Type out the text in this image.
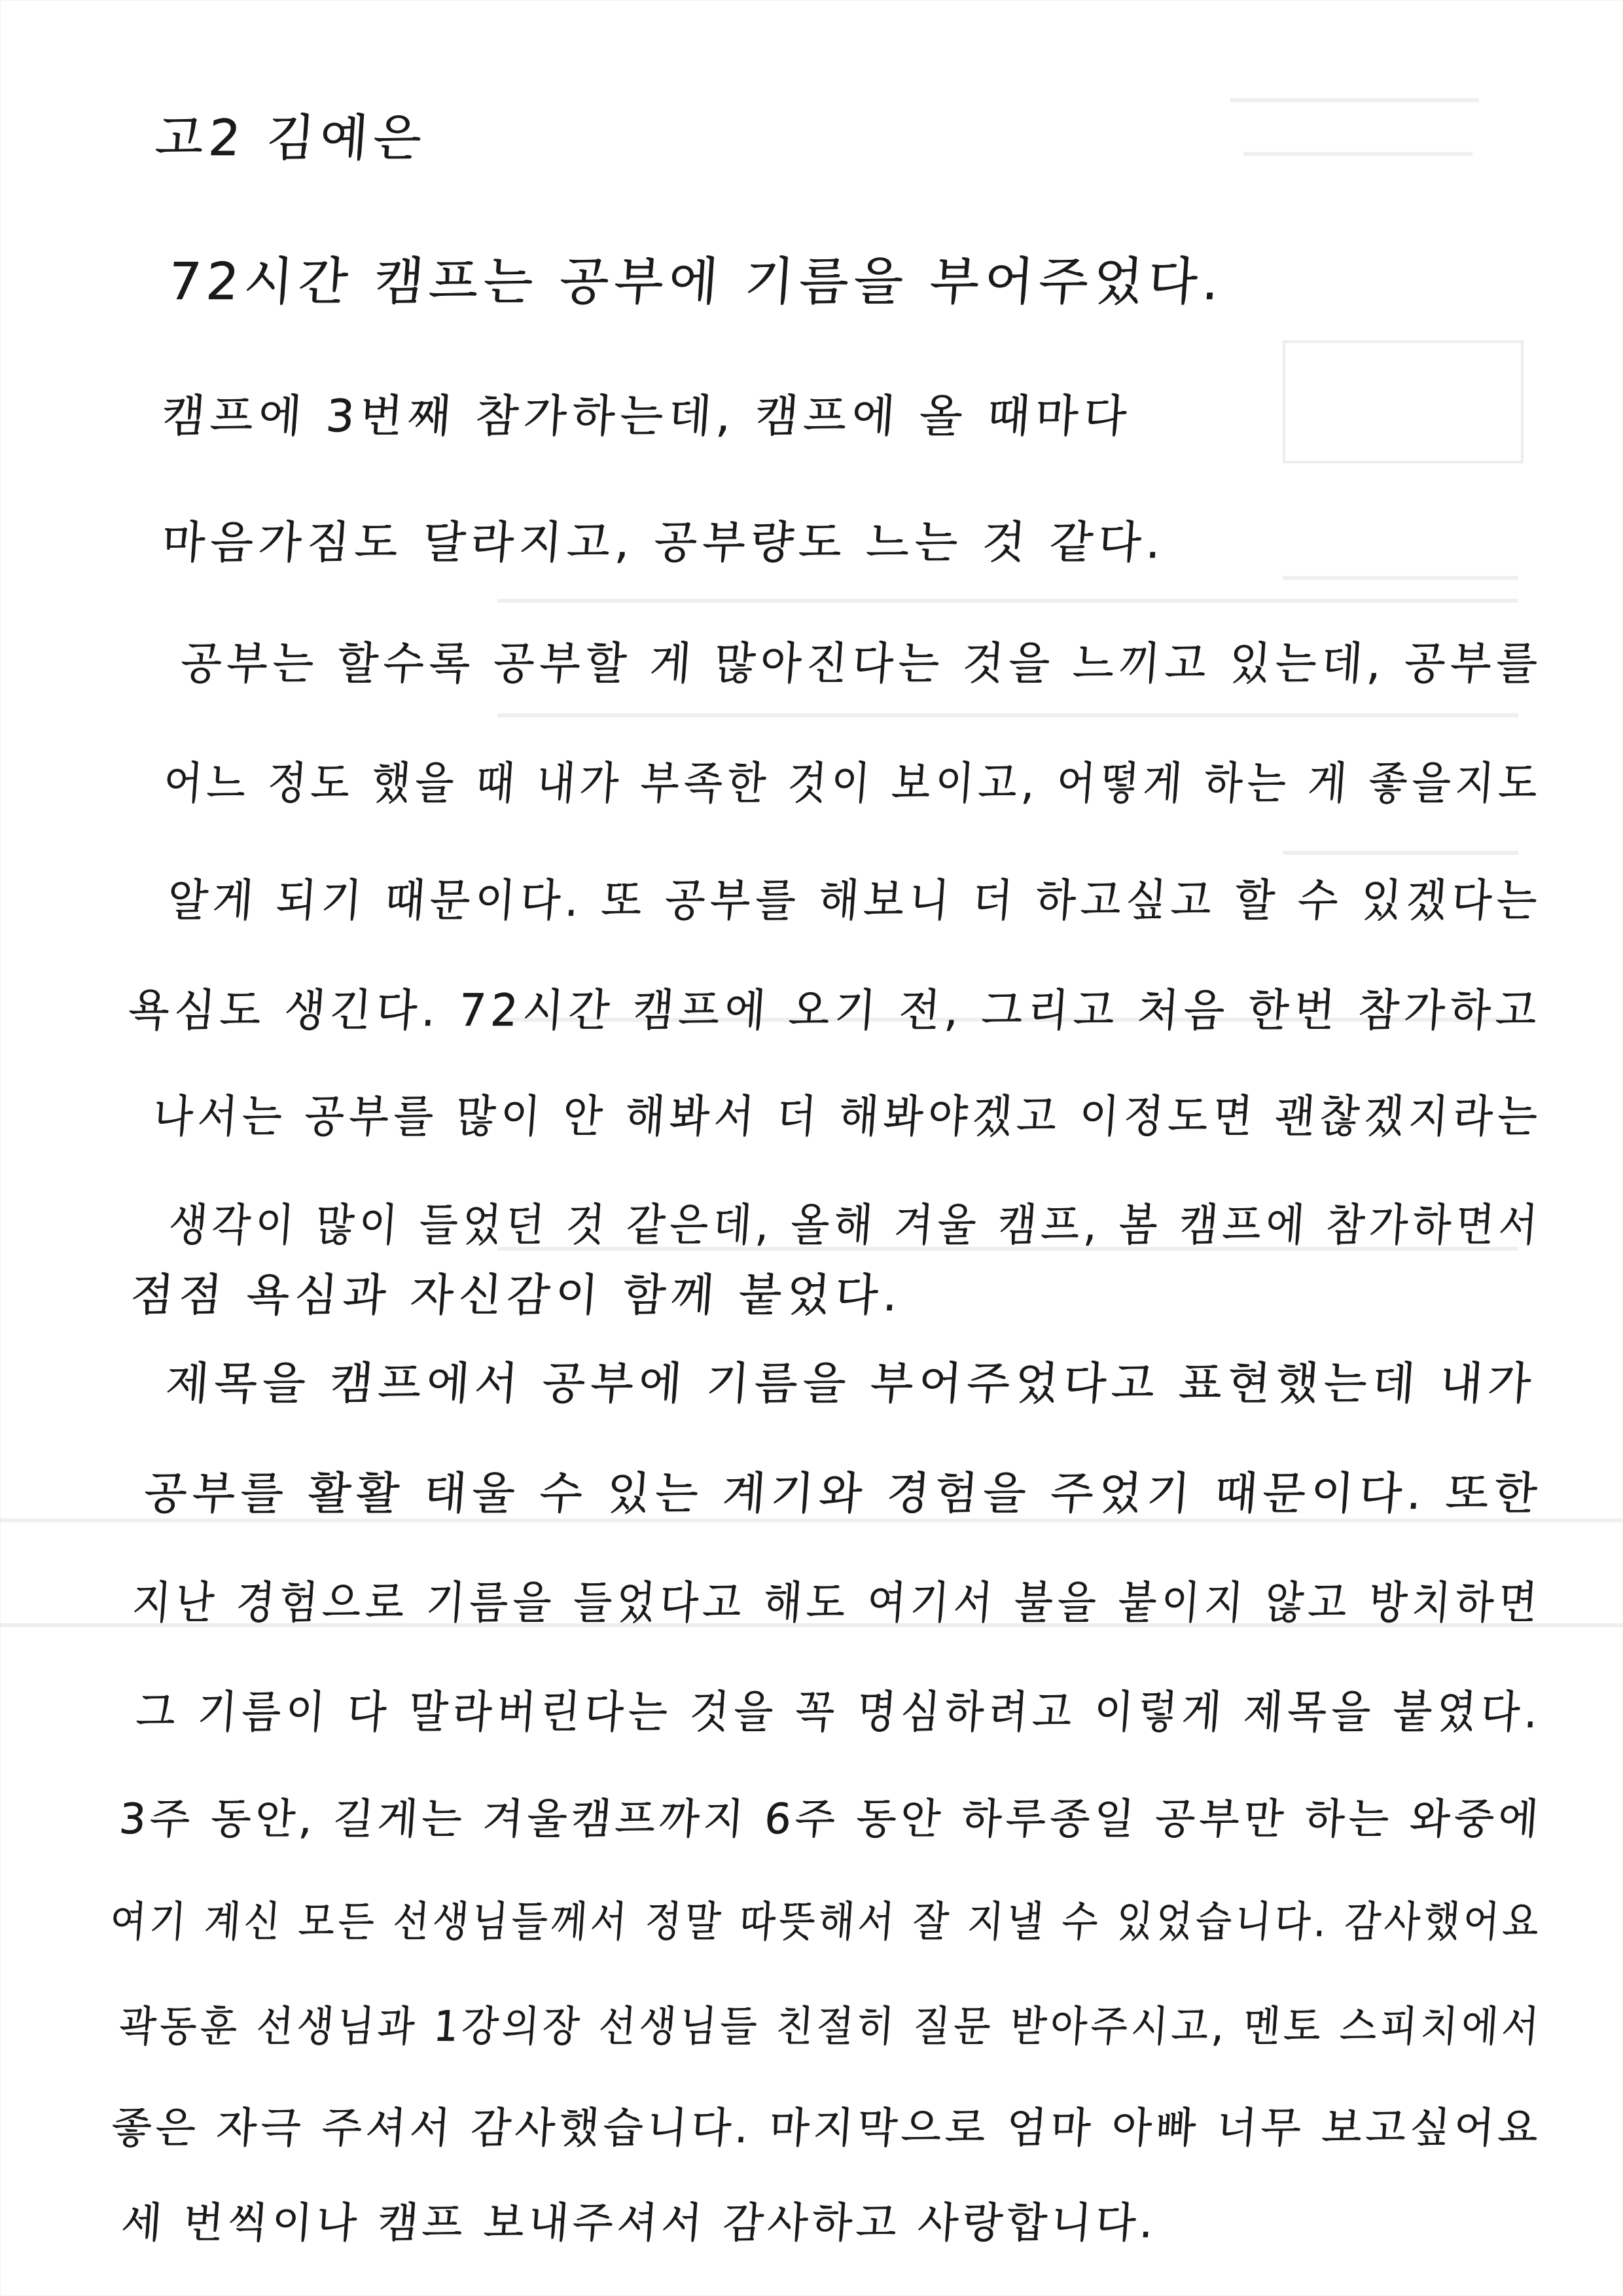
고2 김예은
72시간 캠프는 공부에 기름을 부어주었다.
캠프에 3번째 참가하는데, 캠프에 올 때마다
마음가짐도 달라지고, 공부량도 느는 것 같다.
공부는 할수록 공부할 게 많아진다는 것을 느끼고 있는데, 공부를
어느 정도 했을 때 내가 부족한 것이 보이고, 어떻게 하는 게 좋을지도
알게 되기 때문이다. 또 공부를 해보니 더 하고싶고 할 수 있겠다는
욕심도 생긴다. 72시간 캠프에 오기 전, 그리고 처음 한번 참가하고
나서는 공부를 많이 안 해봐서 더 해봐야겠고 이정도면 괜찮겠지라는
생각이 많이 들었던 것 같은데, 올해 겨울 캠프, 봄 캠프에 참가하면서
점점 욕심과 자신감이 함께 붙었다.
제목을 캠프에서 공부에 기름을 부어주었다고 표현했는데 내가
공부를 활활 태울 수 있는 계기와 경험을 주었기 때문이다. 또한
지난 경험으로 기름을 들었다고 해도 여기서 불을 붙이지 않고 방치하면
그 기름이 다 말라버린다는 것을 꼭 명심하려고 이렇게 제목을 붙였다.
3주 동안, 길게는 겨울캠프까지 6주 동안 하루종일 공부만 하는 와중에
여기 계신 모든 선생님들께서 정말 따뜻해서 잘 지낼 수 있었습니다. 감사했어요
곽동훈 선생님과 1강의장 선생님들 친절히 질문 받아주시고, 멘토 스피치에서
좋은 자극 주셔서 감사했습니다. 마지막으로 엄마 아빠 너무 보고싶어요
세 번씩이나 캠프 보내주셔서 감사하고 사랑합니다.
